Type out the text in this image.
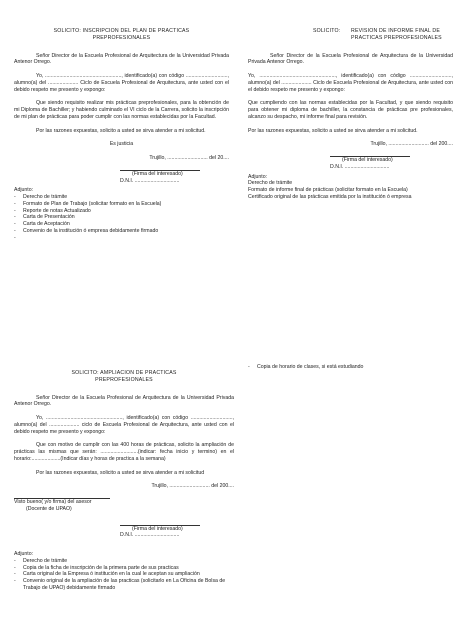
SOLICITO: INSCRIPCION DEL PLAN DE PRACTICAS
PREPROFESIONALES

Señor Director de la Escuela Profesional de Arquitectura de la Universidad Privada Antenor Orrego.

Yo, ....................................................., identificado(a) con código ............................., alumno(a) del ..................... Ciclo de Escuela Profesional de Arquitectura, ante usted con el debido respeto me presento y expongo:

Que siendo requisito realizar mis prácticas preprofesionales, para la obtención de mi Diploma de Bachiller; y habiendo culminado el VI ciclo de la Carrera, solicito la inscripción de mi plan de prácticas para poder cumplir con las normas establecidas por la Facultad.

Por las razones expuestas, solicito a usted se sirva atender a mi solicitud.

Es justicia

Trujillo, ............................ del 20....
(Firma del interesado)
D.N.I. ...............................
Adjunto:
- Derecho de trámite
- Formato de Plan de Trabajo (solicitar formato en la Escuela)
- Reporte de notas Actualizado
- Carta de Presentación
- Carta de Aceptación
- Convenio de la institución ó empresa debidamente firmado
SOLICITO: REVISION DE INFORME FINAL DE
PRACTICAS PREPROFESIONALES

Señor Director de la Escuela Profesional de Arquitectura de la Universidad Privada Antenor Orrego.

Yo, ....................................................., identificado(a) con código ............................., alumno(a) del ..................... Ciclo de Escuela Profesional de Arquitectura, ante usted con el debido respeto me presento y expongo:

Que cumpliendo con las normas establecidas por la Facultad, y que siendo requisito para obtener mi diploma de bachiller, la constancia de prácticas pre profesionales, alcanzo su despacho, mi informe final para revisión.

Por las razones expuestas, solicito a usted se sirva atender a mi solicitud.

Trujillo, ............................ del 200....
(Firma del interesado)
D.N.I. ...............................
Adjunto:
Derecho de trámite
Formato de informe final de prácticas (solicitar formato en la Escuela)
Certificado original de las prácticas emitida por la institución ó empresa
SOLICITO: AMPLIACION DE PRACTICAS
PREPROFESIONALES

Señor Director de la Escuela Profesional de Arquitectura de la Universidad Privada Antenor Orrego.

Yo, ....................................................., identificado(a) con código ............................., alumno(a) del ..................... ciclo de Escuela Profesional de Arquitectura, ante usted con el debido respeto me presento y expongo:

Que con motivo de cumplir con las 400 horas de prácticas, solicito la ampliación de prácticas las mismas que serán: ..........................(indicar: fecha inicio y termino) en el horario:....................(Indicar días y horas de practica a la semana)

Por las razones expuestas, solicito a usted se sirva atender a mi solicitud

Trujillo, ............................ del 200....
Visto bueno( y/o firma) del asesor
(Docente de UPAO)
(Firma del interesado)
D.N.I. ...............................
Adjunto:
- Derecho de trámite
- Copia de la ficha de inscripción de la primera parte de sus practicas
- Carta original de la Empresa ó institución en la cual le aceptan su ampliación
- Convenio original de la ampliación de las practicas (solicitarlo en La Oficina de Bolsa de Trabajo de UPAO) debidamente firmado
- Copia de horario de clases, si está estudiando
